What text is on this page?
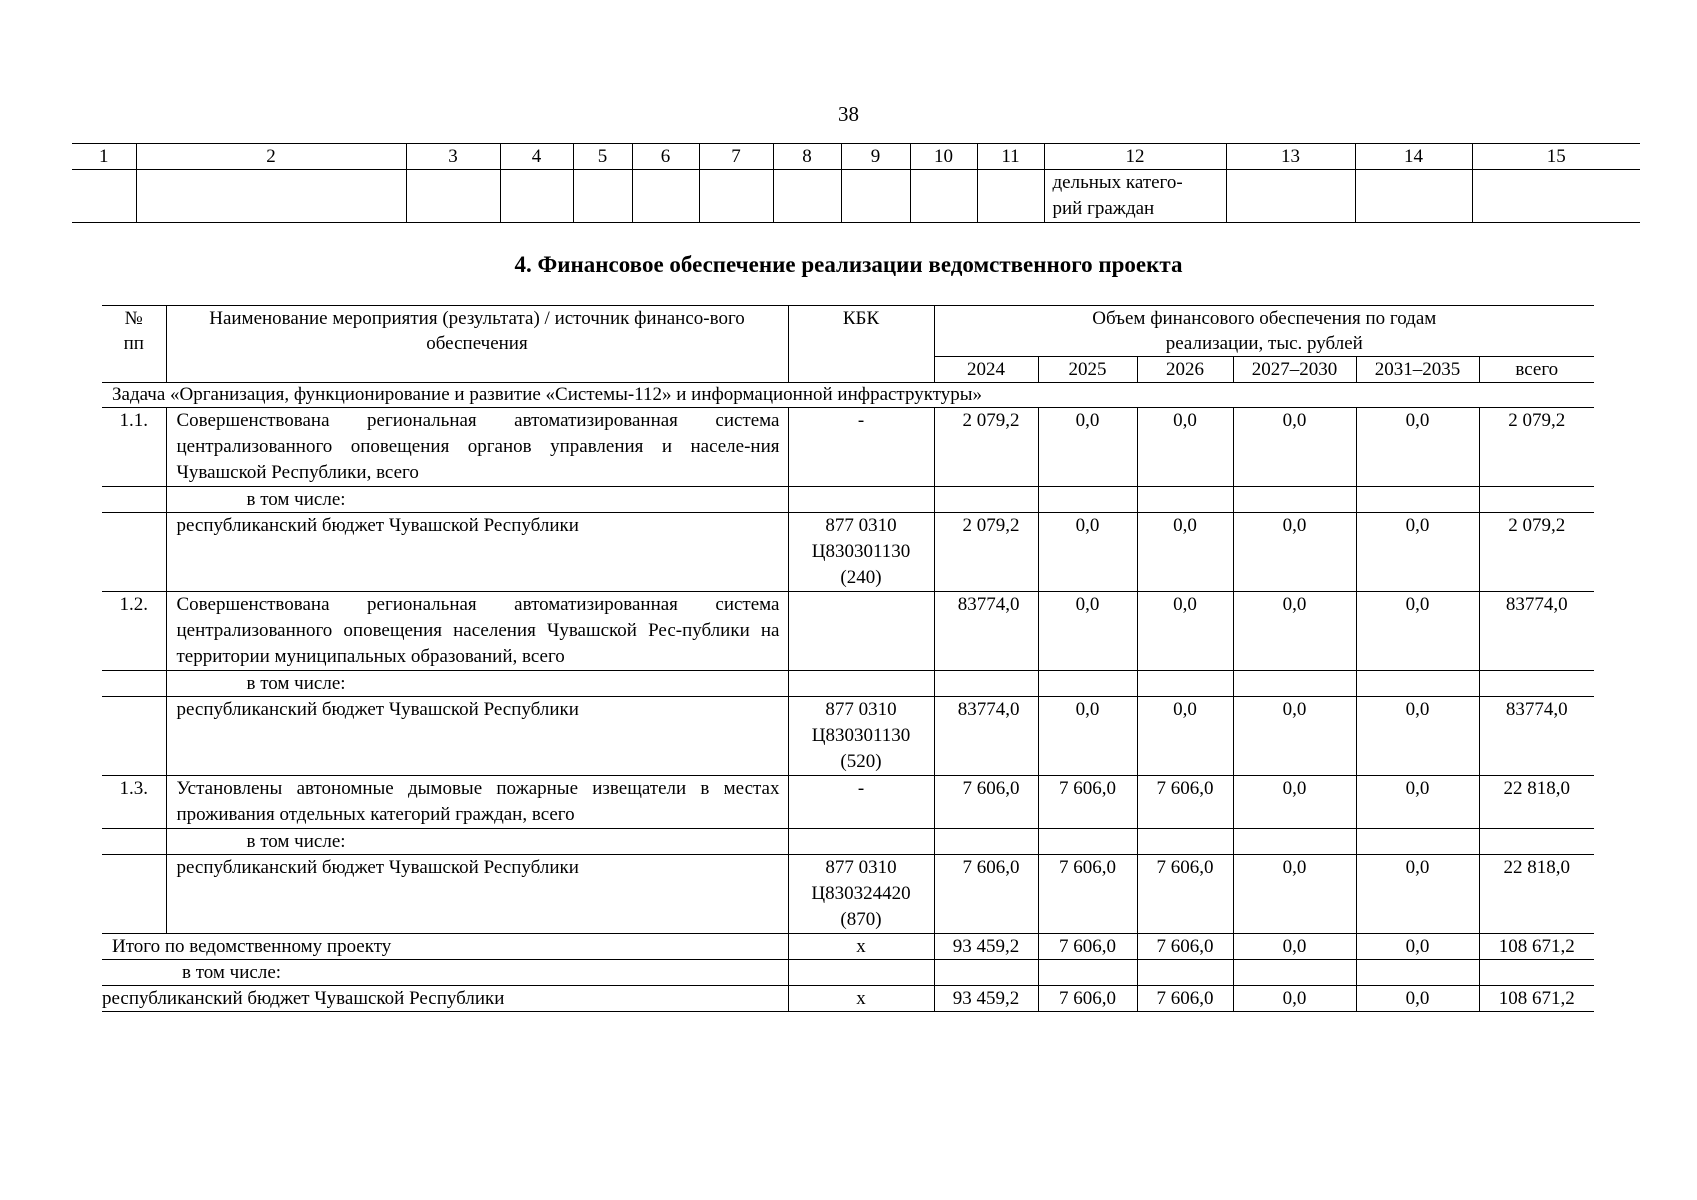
38
1	2	3	4	5	6	7	8	9	10	11	12	13	14	15

											дельных катего-
рий граждан			

4. Финансовое обеспечение реализации ведомственного проекта
№ пп	Наименование мероприятия (результата) / источник финансо-вого обеспечения	КБК	Объем финансового обеспечения по годам реализации, тыс. рублей					
			2024	2025	2026	2027–2030	2031–2035	всего
Задача «Организация, функционирование и развитие «Системы-112» и информационной инфраструктуры»								
1.1.	Совершенствована региональная автоматизированная система централизованного оповещения органов управления и населе-ния Чувашской Республики, всего	-	2 079,2	0,0	0,0	0,0	0,0	2 079,2
	в том числе:							
	республиканский бюджет Чувашской Республики	877 0310 Ц830301130 (240)	2 079,2	0,0	0,0	0,0	0,0	2 079,2
1.2.	Совершенствована региональная автоматизированная система централизованного оповещения населения Чувашской Рес-публики на территории муниципальных образований, всего		83774,0	0,0	0,0	0,0	0,0	83774,0
	в том числе:							
	республиканский бюджет Чувашской Республики	877 0310 Ц830301130 (520)	83774,0	0,0	0,0	0,0	0,0	83774,0
1.3.	Установлены автономные дымовые пожарные извещатели в местах проживания отдельных категорий граждан, всего	-	7 606,0	7 606,0	7 606,0	0,0	0,0	22 818,0
	в том числе:							
	республиканский бюджет Чувашской Республики	877 0310 Ц830324420 (870)	7 606,0	7 606,0	7 606,0	0,0	0,0	22 818,0
Итого по ведомственному проекту		х	93 459,2	7 606,0	7 606,0	0,0	0,0	108 671,2
в том числе:								
республиканский бюджет Чувашской Республики		х	93 459,2	7 606,0	7 606,0	0,0	0,0	108 671,2
